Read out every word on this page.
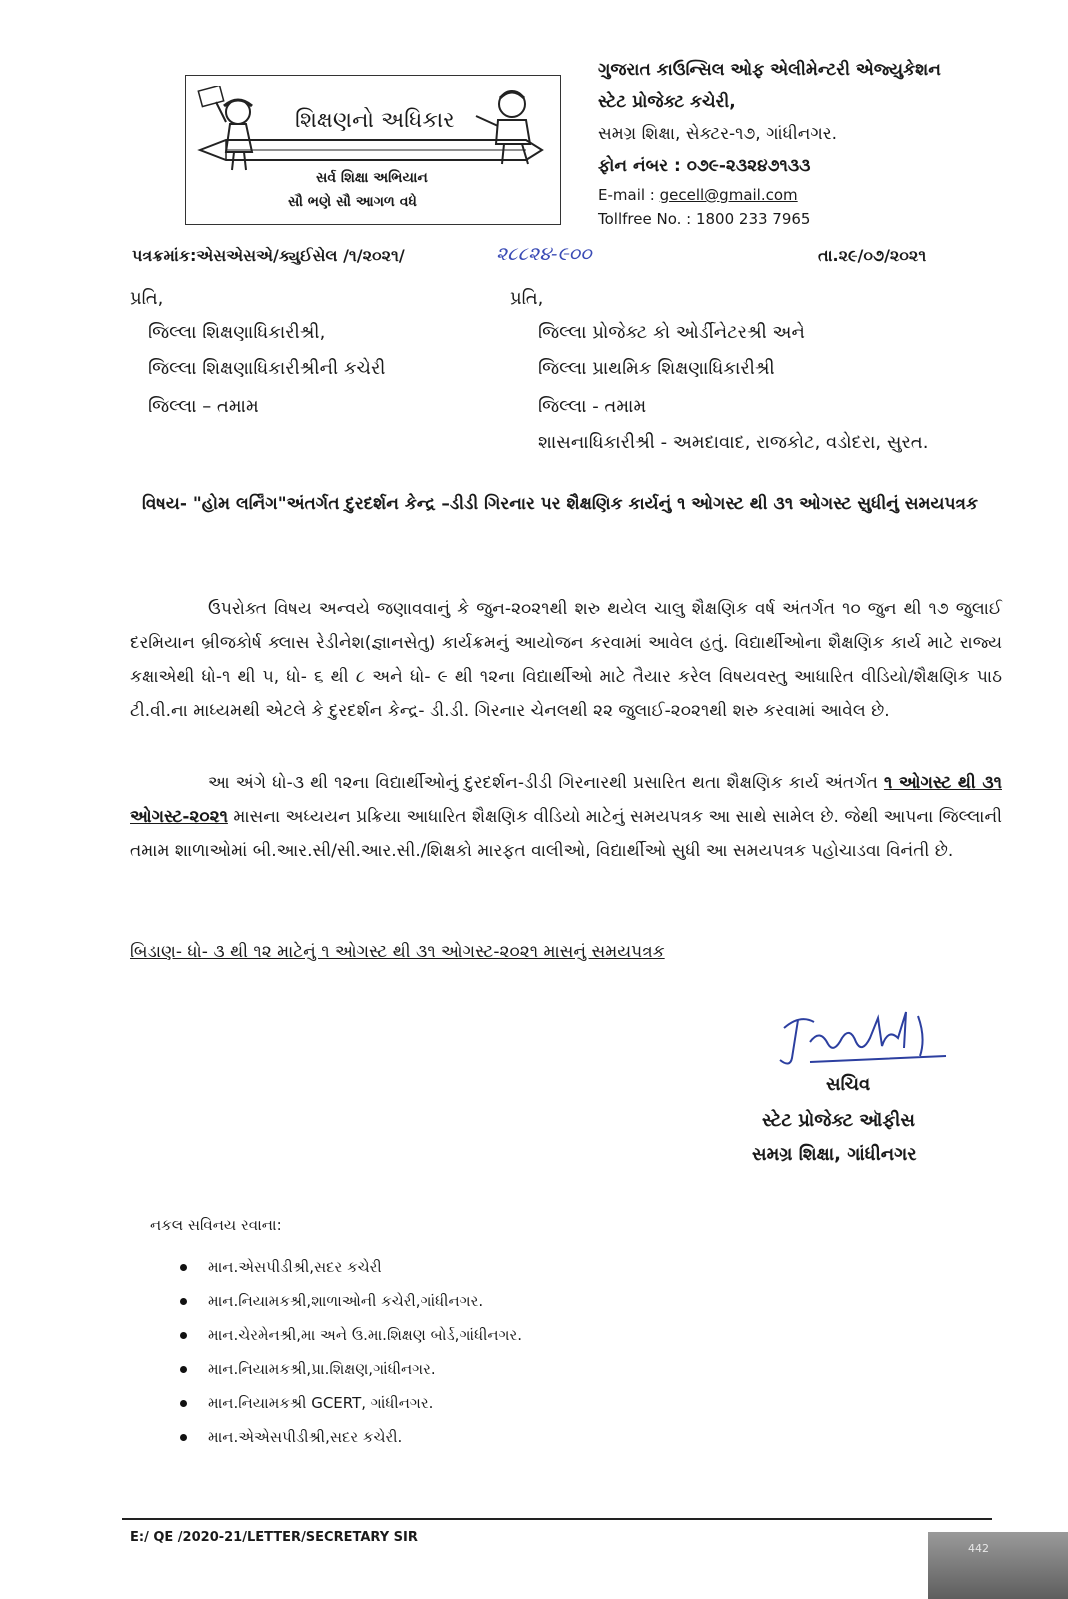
શિક્ષણનો અધિકાર
સર્વ શિક્ષા અભિયાન
સૌ ભણે સૌ આગળ વધે
ગુજરાત કાઉન્સિલ ઓફ એલીમેન્ટરી એજ્યુકેશન
સ્ટેટ પ્રોજેક્ટ કચેરી,
સમગ્ર શિક્ષા, સેક્ટર-૧૭, ગાંધીનગર.
ફોન નંબર : ૦૭૯-૨૩૨૪૭૧૩૩
E-mail : gecell@gmail.com
Tollfree No. : 1800 233 7965
પત્રક્રમાંક:એસએસએ/ક્યુઈસેલ /૧/૨૦૨૧/	૨૮૮૨૪-૯૦૦	તા.૨૯/૦૭/૨૦૨૧
પ્રતિ,
જિલ્લા શિક્ષણાધિકારીશ્રી,
જિલ્લા શિક્ષણાધિકારીશ્રીની કચેરી
જિલ્લા – તમામ
પ્રતિ,
જિલ્લા પ્રોજેક્ટ કો ઓર્ડીનેટરશ્રી અને
જિલ્લા પ્રાથમિક શિક્ષણાધિકારીશ્રી
જિલ્લા - તમામ
શાસનાધિકારીશ્રી - અમદાવાદ, રાજકોટ, વડોદરા, સુરત.
વિષય- "હોમ લર્નિંગ"અંતર્ગત દુરદર્શન કેન્દ્ર –ડીડી ગિરનાર પર શૈક્ષણિક કાર્યનું ૧ ઓગસ્ટ થી ૩૧ ઓગસ્ટ સુધીનું સમયપત્રક

ઉપરોક્ત વિષય અન્વયે જણાવવાનું કે જુન-૨૦૨૧થી શરુ થયેલ ચાલુ શૈક્ષણિક વર્ષ અંતર્ગત ૧૦ જુન થી ૧૭ જુલાઈ દરમિયાન બ્રીજકોર્ષ ક્લાસ રેડીનેશ(જ્ઞાનસેતુ) કાર્યક્રમનું આયોજન કરવામાં આવેલ હતું. વિદ્યાર્થીઓના શૈક્ષણિક કાર્ય માટે રાજ્ય કક્ષાએથી ધો-૧ થી ૫, ધો- ૬ થી ૮ અને ધો- ૯ થી ૧૨ના વિદ્યાર્થીઓ માટે તૈયાર કરેલ વિષયવસ્તુ આધારિત વીડિયો/શૈક્ષણિક પાઠ ટી.વી.ના માધ્યમથી એટલે કે દુરદર્શન કેન્દ્ર- ડી.ડી. ગિરનાર ચેનલથી ૨૨ જુલાઈ-૨૦૨૧થી શરુ કરવામાં આવેલ છે.

આ અંગે ધો-૩ થી ૧૨ના વિદ્યાર્થીઓનું દુરદર્શન-ડીડી ગિરનારથી પ્રસારિત થતા શૈક્ષણિક કાર્ય અંતર્ગત ૧ ઓગસ્ટ થી ૩૧ ઓગસ્ટ-૨૦૨૧ માસના અધ્યયન પ્રક્રિયા આધારિત શૈક્ષણિક વીડિયો માટેનું સમયપત્રક આ સાથે સામેલ છે. જેથી આપના જિલ્લાની તમામ શાળાઓમાં બી.આર.સી/સી.આર.સી./શિક્ષકો મારફત વાલીઓ, વિદ્યાર્થીઓ સુધી આ સમયપત્રક પહોચાડવા વિનંતી છે.

બિડાણ- ધો- ૩ થી ૧૨ માટેનું ૧ ઓગસ્ટ થી ૩૧ ઓગસ્ટ-૨૦૨૧ માસનું સમયપત્રક
સચિવ
સ્ટેટ પ્રોજેક્ટ ઑફીસ
સમગ્ર શિક્ષા, ગાંધીનગર
નકલ સવિનય રવાના:
માન.એસપીડીશ્રી,સદર કચેરી
માન.નિયામકશ્રી,શાળાઓની કચેરી,ગાંધીનગર.
માન.ચેરમેનશ્રી,મા અને ઉ.મા.શિક્ષણ બોર્ડ,ગાંધીનગર.
માન.નિયામકશ્રી,પ્રા.શિક્ષણ,ગાંધીનગર.
માન.નિયામકશ્રી GCERT, ગાંધીનગર.
માન.એએસપીડીશ્રી,સદર કચેરી.
E:/ QE /2020-21/LETTER/SECRETARY SIR
442
